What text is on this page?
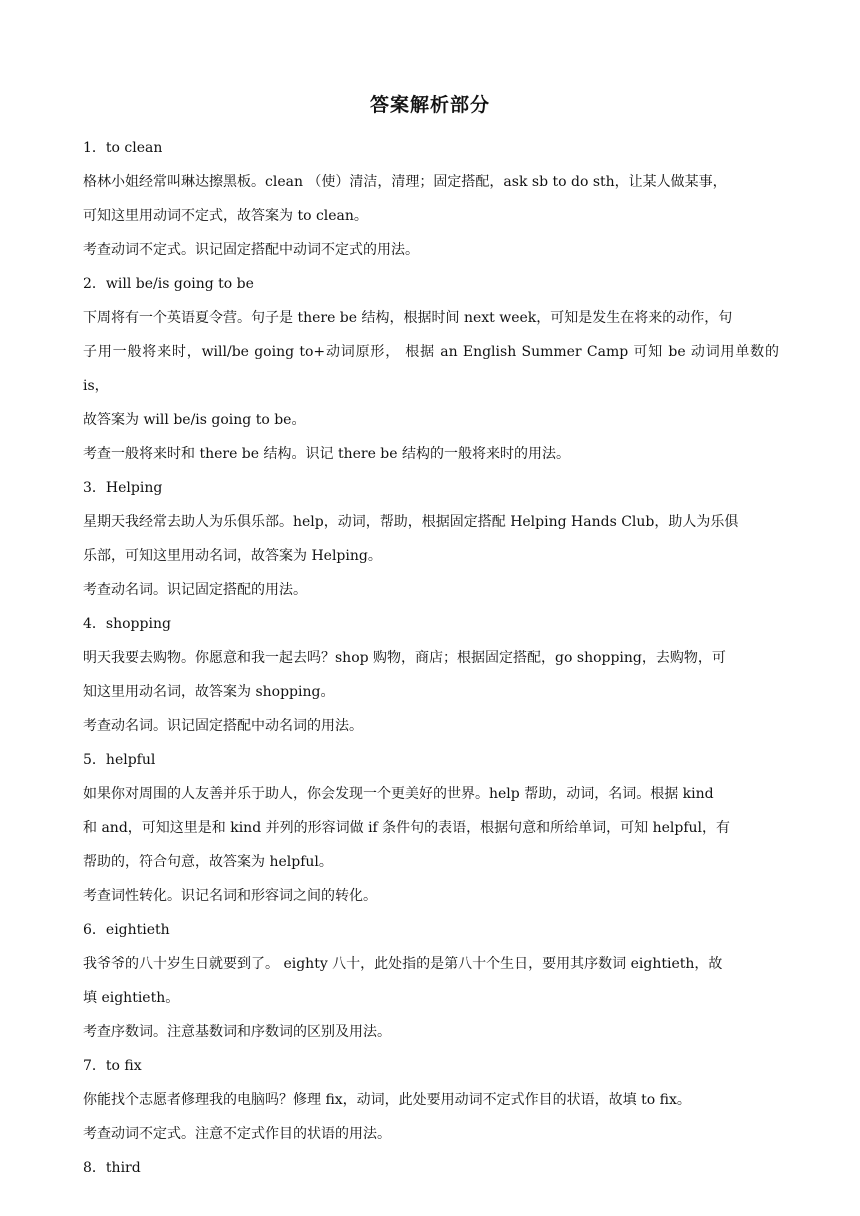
答案解析部分
1．to clean
格林小姐经常叫琳达擦黑板。clean （使）清洁，清理；固定搭配，ask sb to do sth，让某人做某事，
可知这里用动词不定式，故答案为 to clean。
考查动词不定式。识记固定搭配中动词不定式的用法。
2．will be/is going to be
下周将有一个英语夏令营。句子是 there be 结构，根据时间 next week，可知是发生在将来的动作，句
子用一般将来时，will/be going to+动词原形， 根据 an English Summer Camp 可知 be 动词用单数的 is，
故答案为 will be/is going to be。
考查一般将来时和 there be 结构。识记 there be 结构的一般将来时的用法。
3．Helping
星期天我经常去助人为乐俱乐部。help，动词，帮助，根据固定搭配 Helping Hands Club，助人为乐俱
乐部，可知这里用动名词，故答案为 Helping。
考查动名词。识记固定搭配的用法。
4．shopping
明天我要去购物。你愿意和我一起去吗？shop 购物，商店；根据固定搭配，go shopping，去购物，可
知这里用动名词，故答案为 shopping。
考查动名词。识记固定搭配中动名词的用法。
5．helpful
如果你对周围的人友善并乐于助人，你会发现一个更美好的世界。help 帮助，动词，名词。根据 kind
和 and，可知这里是和 kind 并列的形容词做 if 条件句的表语，根据句意和所给单词，可知 helpful，有
帮助的，符合句意，故答案为 helpful。
考查词性转化。识记名词和形容词之间的转化。
6．eightieth
我爷爷的八十岁生日就要到了。 eighty 八十，此处指的是第八十个生日，要用其序数词 eightieth，故
填 eightieth。
考查序数词。注意基数词和序数词的区别及用法。
7．to fix
你能找个志愿者修理我的电脑吗？修理 fix，动词，此处要用动词不定式作目的状语，故填 to fix。
考查动词不定式。注意不定式作目的状语的用法。
8．third
